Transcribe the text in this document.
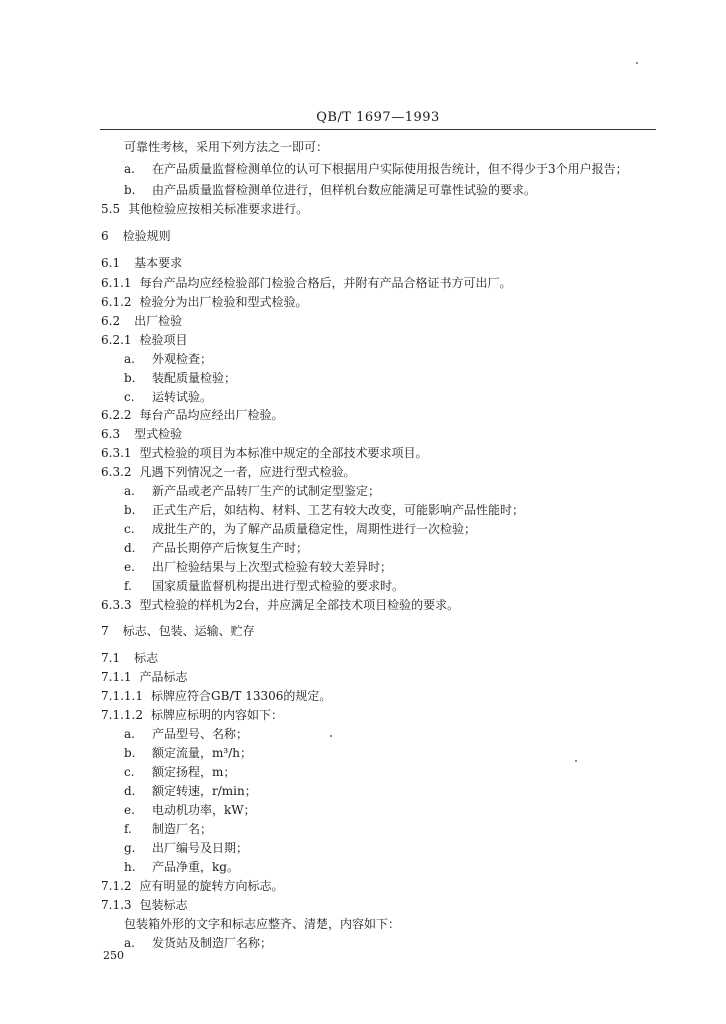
QB/T 1697—1993
可靠性考核，采用下列方法之一即可：
a. 在产品质量监督检测单位的认可下根据用户实际使用报告统计，但不得少于3个用户报告；
b. 由产品质量监督检测单位进行，但样机台数应能满足可靠性试验的要求。
5.5 其他检验应按相关标准要求进行。
6 检验规则
6.1 基本要求
6.1.1 每台产品均应经检验部门检验合格后，并附有产品合格证书方可出厂。
6.1.2 检验分为出厂检验和型式检验。
6.2 出厂检验
6.2.1 检验项目
a. 外观检查；
b. 装配质量检验；
c. 运转试验。
6.2.2 每台产品均应经出厂检验。
6.3 型式检验
6.3.1 型式检验的项目为本标准中规定的全部技术要求项目。
6.3.2 凡遇下列情况之一者，应进行型式检验。
a. 新产品或老产品转厂生产的试制定型鉴定；
b. 正式生产后，如结构、材料、工艺有较大改变，可能影响产品性能时；
c. 成批生产的，为了解产品质量稳定性，周期性进行一次检验；
d. 产品长期停产后恢复生产时；
e. 出厂检验结果与上次型式检验有较大差异时；
f. 国家质量监督机构提出进行型式检验的要求时。
6.3.3 型式检验的样机为2台，并应满足全部技术项目检验的要求。
7 标志、包装、运输、贮存
7.1 标志
7.1.1 产品标志
7.1.1.1 标牌应符合GB/T 13306的规定。
7.1.1.2 标牌应标明的内容如下：
a. 产品型号、名称；
b. 额定流量，m³/h；
c. 额定扬程，m；
d. 额定转速，r/min；
e. 电动机功率，kW；
f. 制造厂名；
g. 出厂编号及日期；
h. 产品净重，kg。
7.1.2 应有明显的旋转方向标志。
7.1.3 包装标志
包装箱外形的文字和标志应整齐、清楚，内容如下：
a. 发货站及制造厂名称；
250
